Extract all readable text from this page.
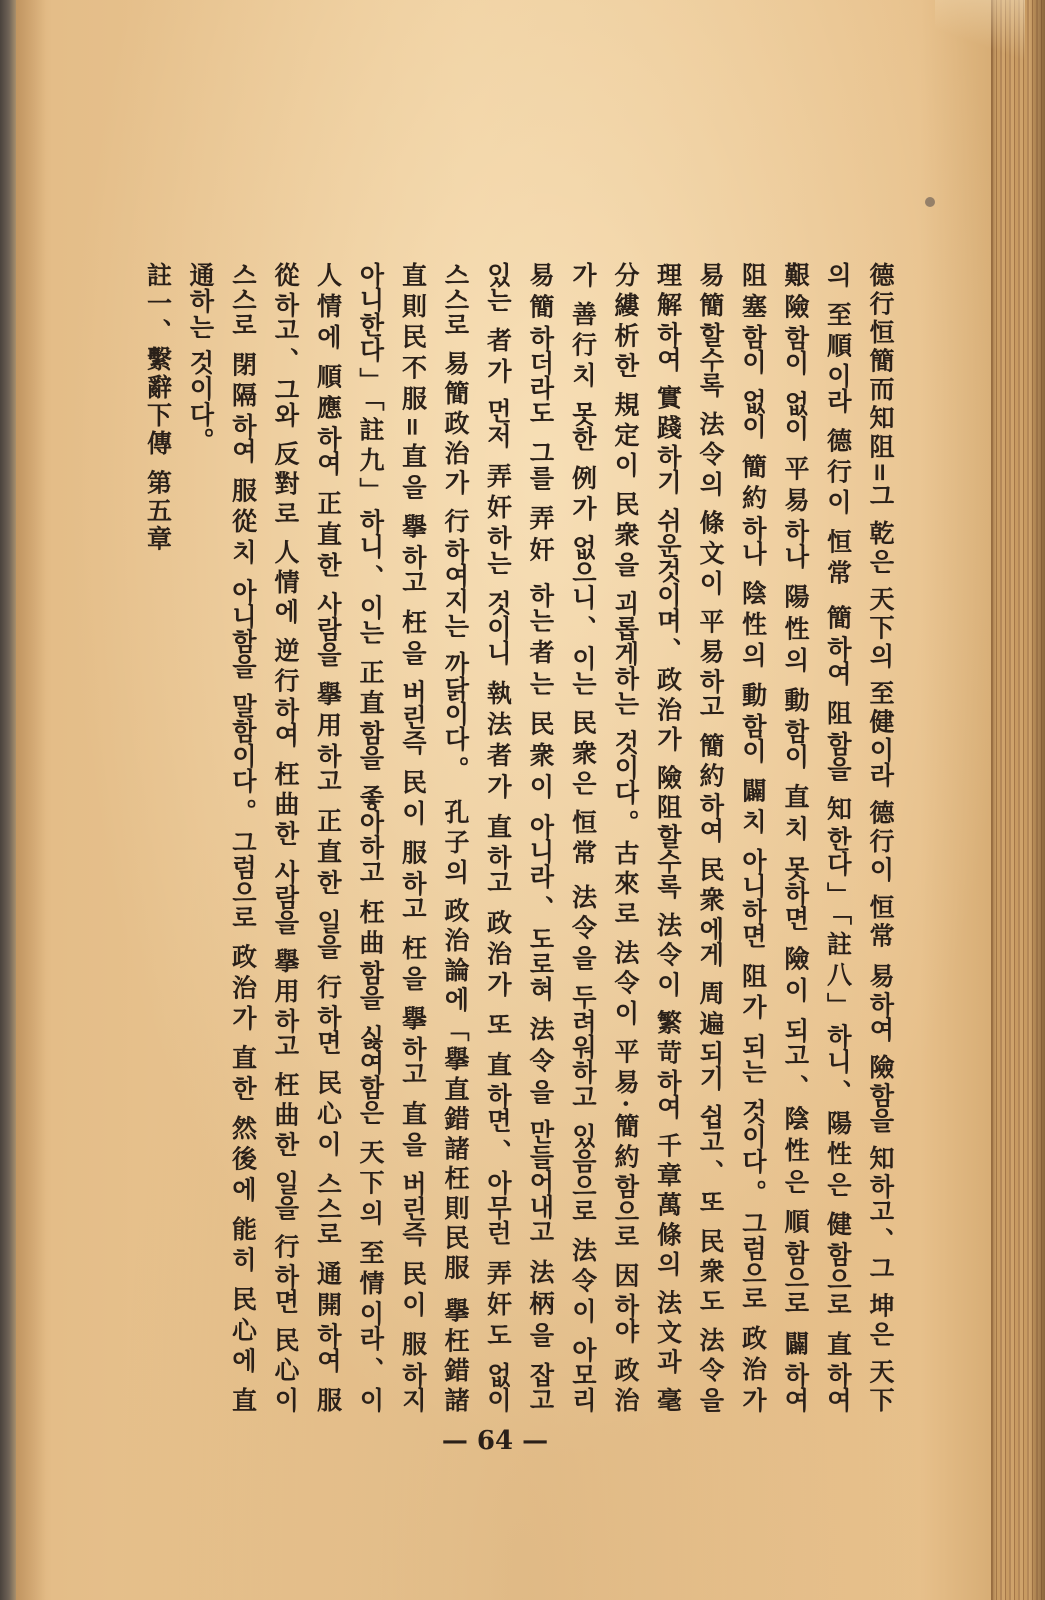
德行恒簡而知阻=그 乾은 天下의 至健이라 德行이 恒常 易하여 險함을 知하고、그 坤은 天下
의 至順이라 德行이 恒常 簡하여 阻함을 知한다」「註八」하니、陽性은 健함으로 直하여
艱險함이 없이 平易하나 陽性의 動함이 直치 못하면 險이 되고、陰性은 順함으로 闢하여
阻塞함이 없이 簡約하나 陰性의 動함이 闢치 아니하면 阻가 되는 것이다。그럼으로 政治가
易簡할수록 法令의 條文이 平易하고 簡約하여 民衆에게 周遍되기 쉽고、또 民衆도 法令을
理解하여 實踐하기 쉬운것이며、政治가 險阻할수록 法令이 繁苛하여 千章萬條의 法文과 毫
分縷析한 規定이 民衆을 괴롭게하는 것이다。古來로 法令이 平易·簡約함으로 因하야 政治
가 善行치 못한 例가 없으니、이는 民衆은 恒常 法令을 두려워하고 있음으로 法令이 아모리
易簡하더라도 그를 弄奸 하는者는 民衆이 아니라、도로혀 法令을 만들어내고 法柄을 잡고
있는 者가 먼저 弄奸하는 것이니 執法者가 直하고 政治가 또 直하면、아무런 弄奸도 없이
스스로 易簡政治가 行하여지는 까닭이다。 孔子의 政治論에「擧直錯諸枉則民服 擧枉錯諸
直則民不服=直을 擧하고 枉을 버린즉 民이 服하고 枉을 擧하고 直을 버린즉 民이 服하지
아니한다」「註九」하니、이는 正直함을 좋아하고 枉曲함을 싫여함은 天下의 至情이라、이
人情에 順應하여 正直한 사람을 擧用하고 正直한 일을 行하면 民心이 스스로 通開하여 服
從하고、그와 反對로 人情에 逆行하여 枉曲한 사람을 擧用하고 枉曲한 일을 行하면 民心이
스스로 閉隔하여 服從치 아니함을 말함이다。그럼으로 政治가 直한 然後에 能히 民心에 直
通하는 것이다。
註一、繫辭下傳 第五章
— 64 —
